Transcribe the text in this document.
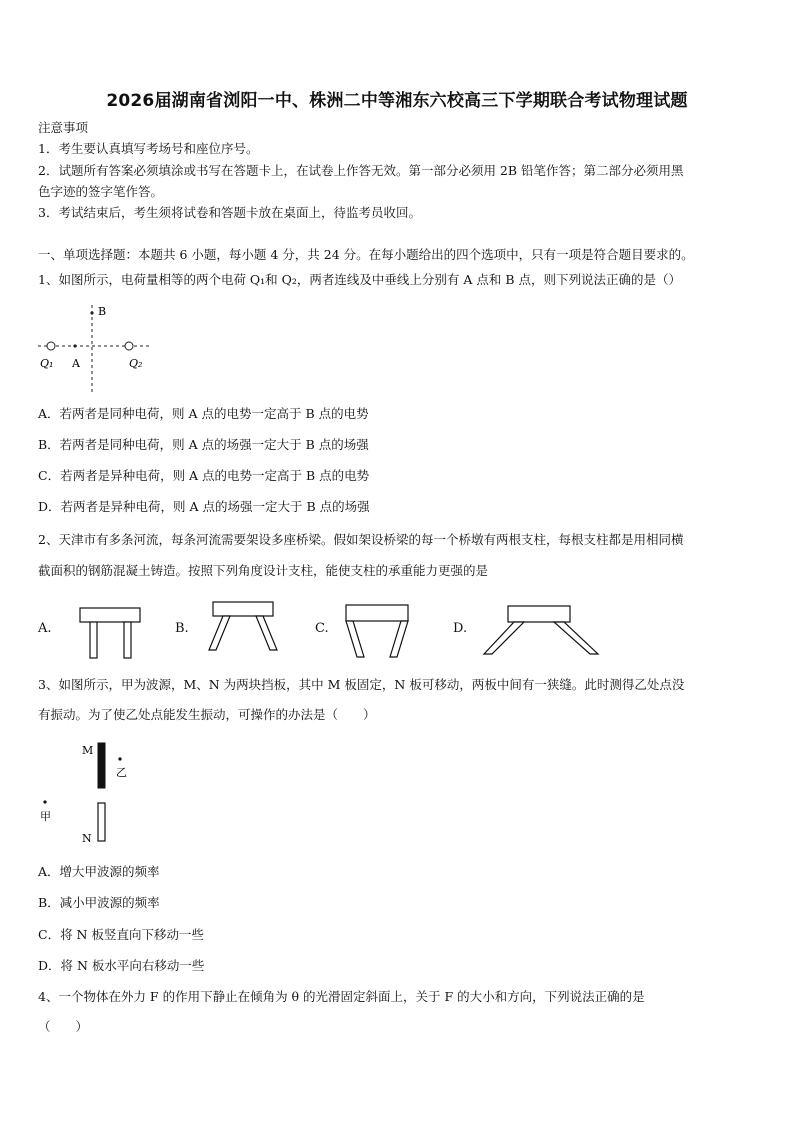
2026届湖南省浏阳一中、株洲二中等湘东六校高三下学期联合考试物理试题
注意事项
1．考生要认真填写考场号和座位序号。
2．试题所有答案必须填涂或书写在答题卡上，在试卷上作答无效。第一部分必须用 2B 铅笔作答；第二部分必须用黑
色字迹的签字笔作答。
3．考试结束后，考生须将试卷和答题卡放在桌面上，待监考员收回。
一、单项选择题：本题共 6 小题，每小题 4 分，共 24 分。在每小题给出的四个选项中，只有一项是符合题目要求的。
1、如图所示，电荷量相等的两个电荷 Q₁和 Q₂，两者连线及中垂线上分别有 A 点和 B 点，则下列说法正确的是（）
B
A
Q₁	Q₂
A．若两者是同种电荷，则 A 点的电势一定高于 B 点的电势
B．若两者是同种电荷，则 A 点的场强一定大于 B 点的场强
C．若两者是异种电荷，则 A 点的电势一定高于 B 点的电势
D．若两者是异种电荷，则 A 点的场强一定大于 B 点的场强
2、天津市有多条河流，每条河流需要架设多座桥梁。假如架设桥梁的每一个桥墩有两根支柱，每根支柱都是用相同横
截面积的钢筋混凝土铸造。按照下列角度设计支柱，能使支柱的承重能力更强的是
A.	B.	C.	D.
3、如图所示，甲为波源，M、N 为两块挡板，其中 M 板固定，N 板可移动，两板中间有一狭缝。此时测得乙处点没
有振动。为了使乙处点能发生振动，可操作的办法是（　　）
M
乙
甲
N
A．增大甲波源的频率
B．减小甲波源的频率
C．将 N 板竖直向下移动一些
D．将 N 板水平向右移动一些
4、一个物体在外力 F 的作用下静止在倾角为 θ 的光滑固定斜面上，关于 F 的大小和方向，下列说法正确的是
（　　）
